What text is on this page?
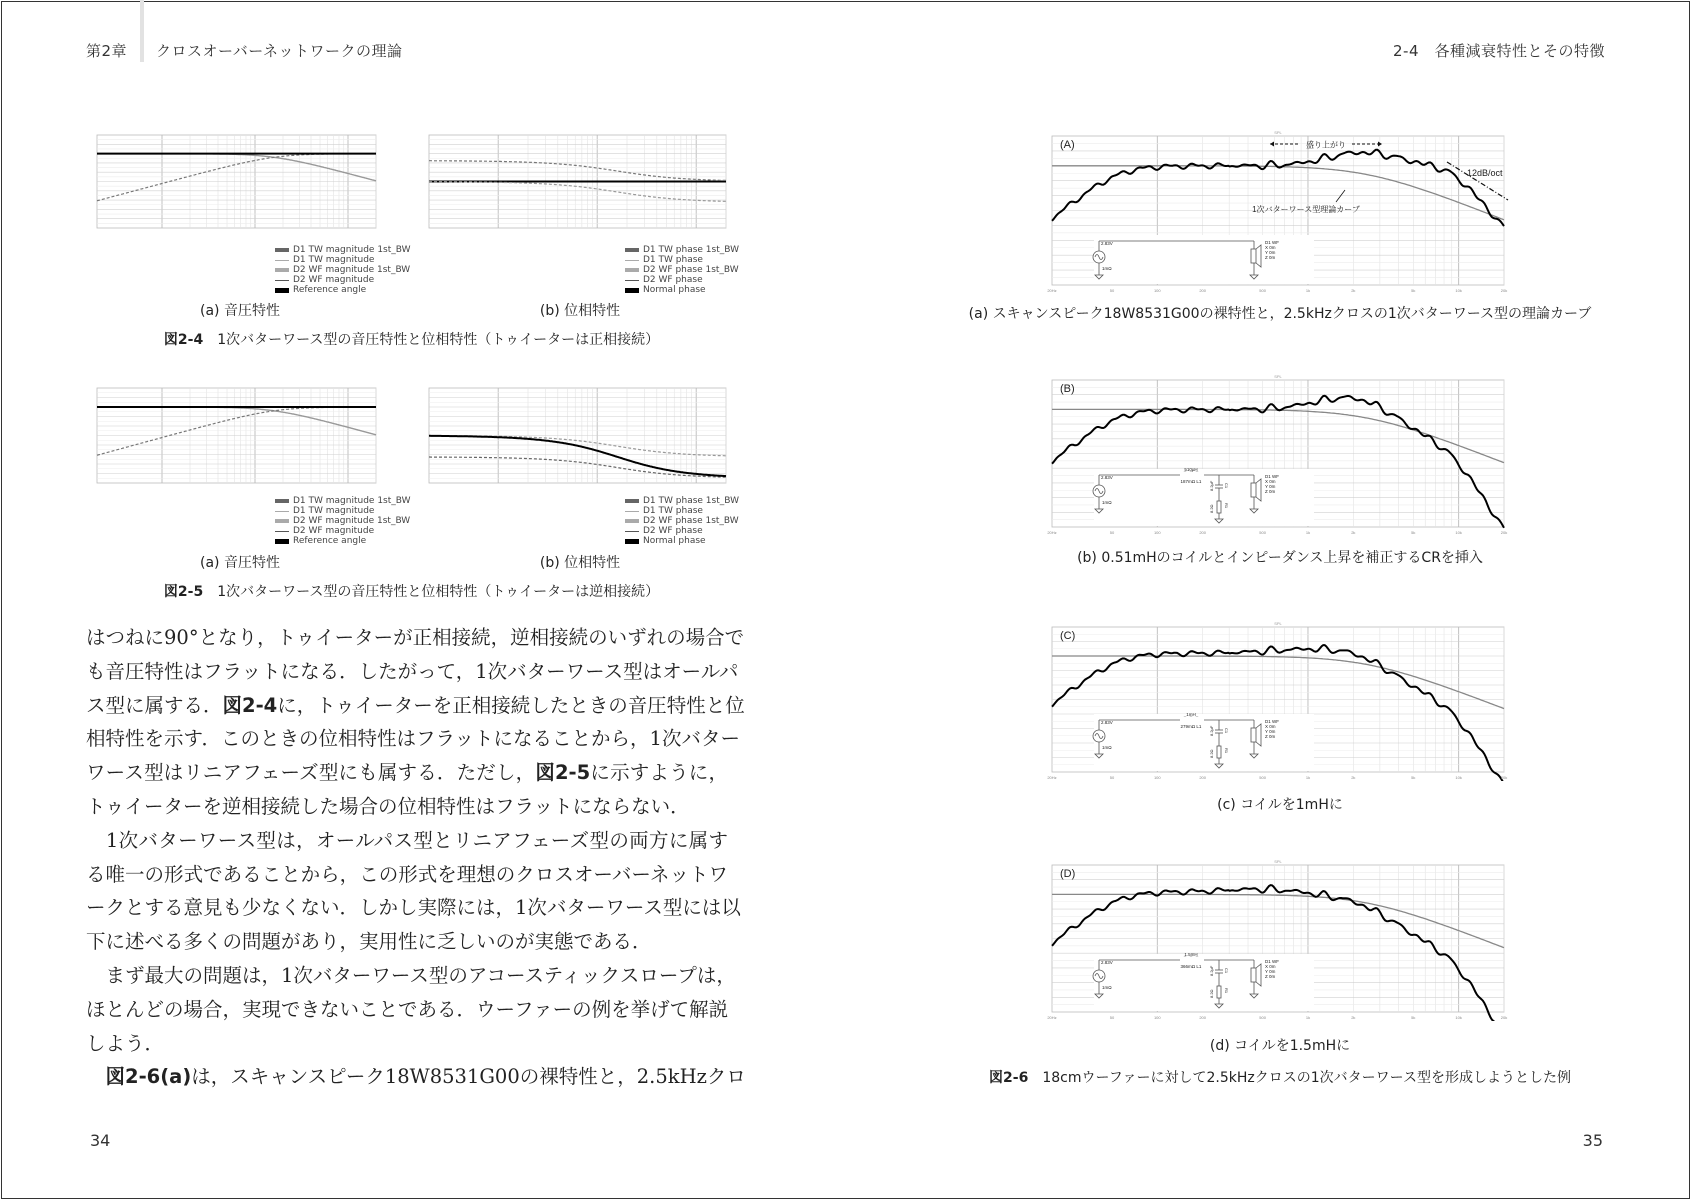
第2章 クロスオーバーネットワークの理論	2-4　各種減衰特性とその特徴
D1 TW magnitude 1st_BW
D1 TW magnitude
D2 WF magnitude 1st_BW
D2 WF magnitude
Reference angle
D1 TW phase 1st_BW
D1 TW phase
D2 WF phase 1st_BW
D2 WF phase
Normal phase
(a) 音圧特性	(b) 位相特性
図2-4 1次バターワース型の音圧特性と位相特性（トゥイーターは正相接続）
D1 TW magnitude 1st_BW
D1 TW magnitude
D2 WF magnitude 1st_BW
D2 WF magnitude
Reference angle
D1 TW phase 1st_BW
D1 TW phase
D2 WF phase 1st_BW
D2 WF phase
Normal phase
(a) 音圧特性	(b) 位相特性
図2-5 1次バターワース型の音圧特性と位相特性（トゥイーターは逆相接続）
はつねに90°となり，トゥイーターが正相接続，逆相接続のいずれの場合で
も音圧特性はフラットになる．したがって，1次バターワース型はオールパ
ス型に属する．図2-4に，トゥイーターを正相接続したときの音圧特性と位
相特性を示す．このときの位相特性はフラットになることから，1次バター
ワース型はリニアフェーズ型にも属する．ただし，図2-5に示すように，
トゥイーターを逆相接続した場合の位相特性はフラットにならない．
　1次バターワース型は，オールパス型とリニアフェーズ型の両方に属す
る唯一の形式であることから，この形式を理想のクロスオーバーネットワ
ークとする意見も少なくない．しかし実際には，1次バターワース型には以
下に述べる多くの問題があり，実用性に乏しいのが実態である．
　まず最大の問題は，1次バターワース型のアコースティックスロープは，
ほとんどの場合，実現できないことである．ウーファーの例を挙げて解説
しよう．
　図2-6(a)は，スキャンスピーク18W8531G00の裸特性と，2.5kHzクロ
SPL
2.83V
1mΩ
D1 WF
X 0m
Y 0m
Z 0m
20Hz	50	100	200	500	1k	2k	5k	10k	20k
(A)	盛り上がり
12dB/oct
1次バターワース型理論カーブ
(a) スキャンスピーク18W8531G00の裸特性と，2.5kHzクロスの1次バターワース型の理論カーブ
SPL
2.83V
1mΩ
D1 WF
X 0m
Y 0m
Z 0m
510µH
187mΩ L1 8.2µF	C1
8.2Ω	R1
20Hz	50	100	200	500	1k	2k	5k	10k	20k
(B)
(b) 0.51mHのコイルとインピーダンス上昇を補正するCRを挿入
SPL
2.83V
1mΩ
D1 WF
X 0m
Y 0m
Z 0m
1mH
279mΩ L1 8.2µF	C1
8.2Ω	R1
20Hz	50	100	200	500	1k	2k	5k	10k	20k
(C)
(c) コイルを1mHに
SPL
2.83V
1mΩ
D1 WF
X 0m
Y 0m
Z 0m
1.5mH
366mΩ L1 8.2µF	C1
8.2Ω	R1
20Hz	50	100	200	500	1k	2k	5k	10k	20k
(D)
(d) コイルを1.5mHに
図2-6 18cmウーファーに対して2.5kHzクロスの1次バターワース型を形成しようとした例
34	35
